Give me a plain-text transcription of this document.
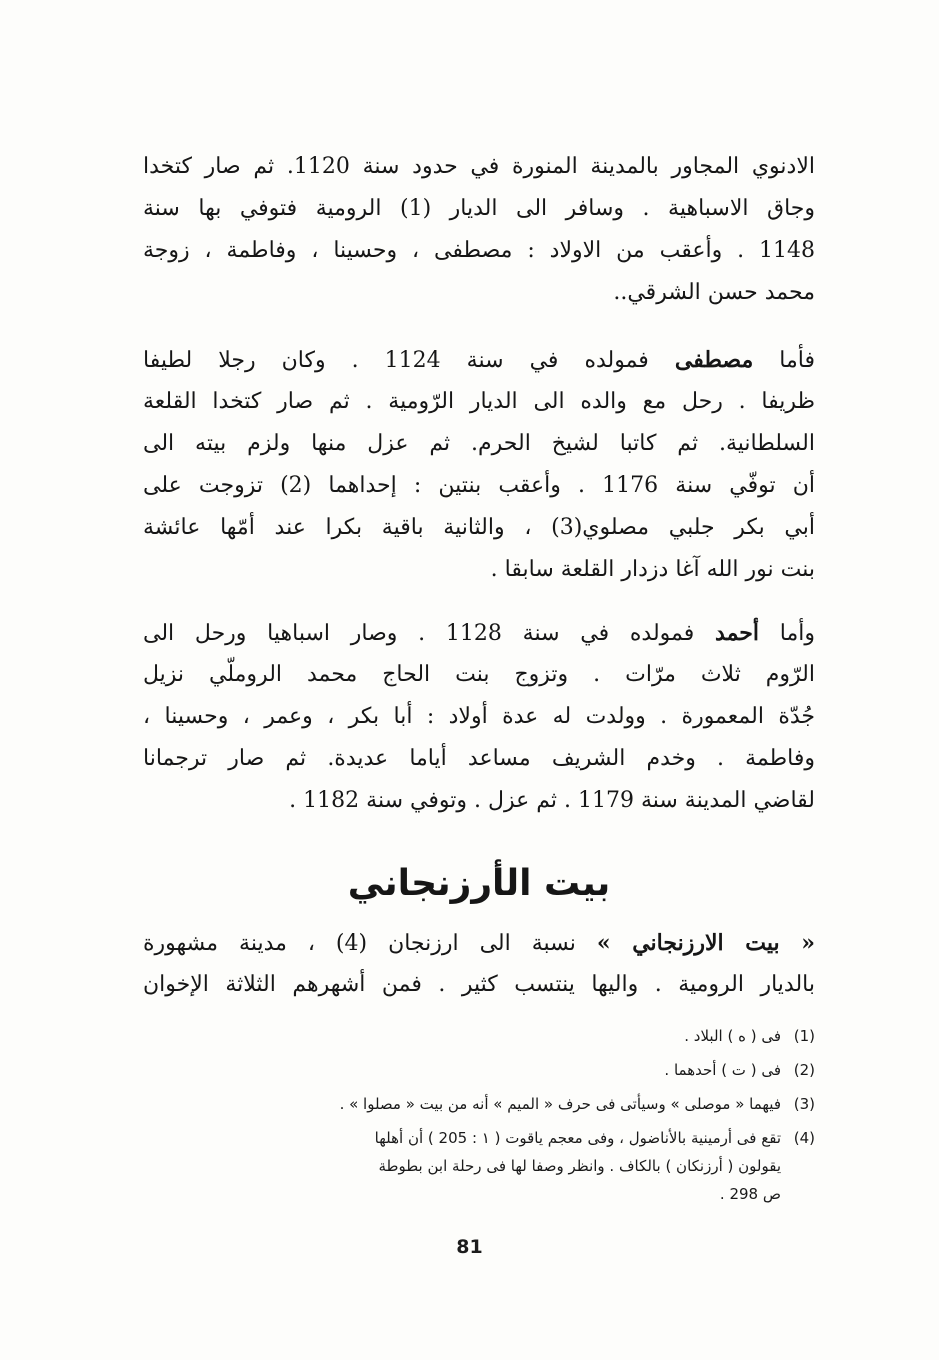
الادنوي المجاور بالمدينة المنورة في حدود سنة 1120. ثم صار كتخدا
وجاق الاسباهية . وسافر الى الديار (1) الرومية فتوفي بها سنة
1148 . وأعقب من الاولاد : مصطفى ، وحسينا ، وفاطمة ، زوجة
محمد حسن الشرقي..
فأما مصطفى فمولده في سنة 1124 . وكان رجلا لطيفا
ظريفا . رحل مع والده الى الديار الرّومية . ثم صار كتخدا القلعة
السلطانية. ثم كاتبا لشيخ الحرم. ثم عزل منها ولزم بيته الى
أن توفّي سنة 1176 . وأعقب بنتين : إحداهما (2) تزوجت على
أبي بكر جلبي مصلوي(3) ، والثانية باقية بكرا عند أمّها عائشة
بنت نور الله آغا دزدار القلعة سابقا .
وأما أحمد فمولده في سنة 1128 . وصار اسباهيا ورحل الى
الرّوم ثلاث مرّات . وتزوج بنت الحاج محمد الروملّي نزيل
جُدّة المعمورة . وولدت له عدة أولاد : أبا بكر ، وعمر ، وحسينا ،
وفاطمة . وخدم الشريف مساعد أياما عديدة. ثم صار ترجمانا
لقاضي المدينة سنة 1179 . ثم عزل . وتوفي سنة 1182 .
بيت الأرزنجاني
« بيت الارزنجاني » نسبة الى ارزنجان (4) ، مدينة مشهورة
بالديار الرومية . واليها ينتسب كثير . فمن أشهرهم الثلاثة الإخوان
(1)
فى ( ه ) البلاد .
(2)
فى ( ت ) أحدهما .
(3)
فيهما « موصلى » وسيأتى فى حرف « الميم » أنه من بيت « مصلوا » .
(4)
تقع فى أرمينية بالأناضول ، وفى معجم ياقوت ( ١ : 205 ) أن أهلها
يقولون ( أرزنكان ) بالكاف . وانظر وصفا لها فى رحلة ابن بطوطة
ص 298 .
81
